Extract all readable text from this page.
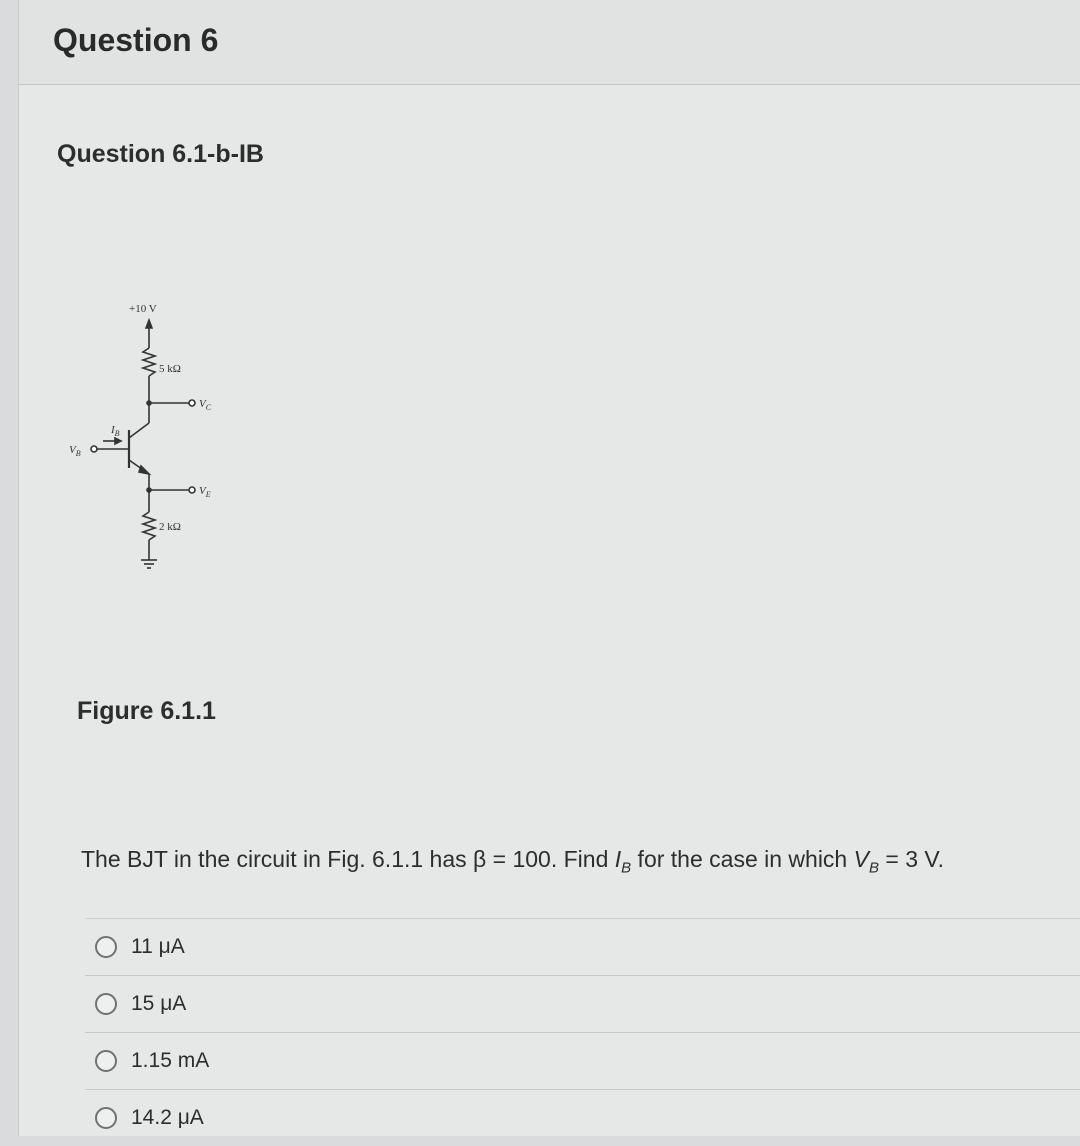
Question 6
Question 6.1-b-IB
+10 V
5 kΩ
$V_C$
$I_B$
$V_B$
$V_E$
2 kΩ
Figure 6.1.1
The BJT in the circuit in Fig. 6.1.1 has β = 100. Find $I_B$ for the case in which $V_B = 3$ V.
11 μA
15 μA
1.15 mA
14.2 μA
